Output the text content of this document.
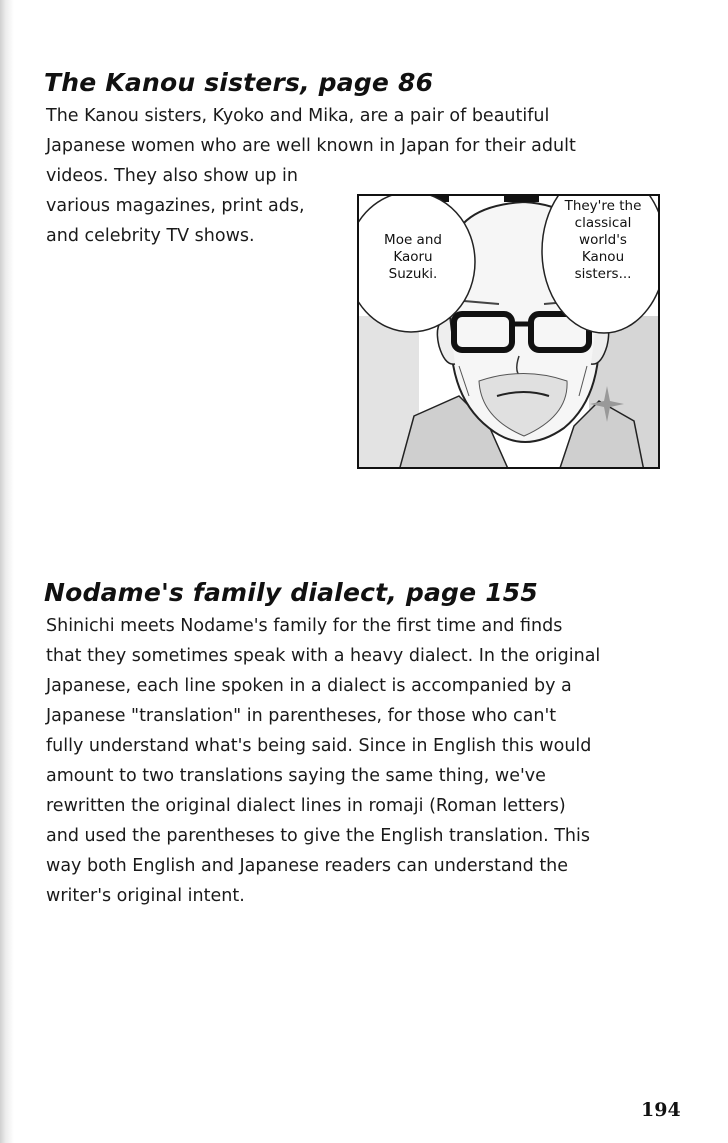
The Kanou sisters, page 86
The Kanou sisters, Kyoko and Mika, are a pair of beautiful
Japanese women who are well known in Japan for their adult
videos. They also show up in
various magazines, print ads,
and celebrity TV shows.	Moe and
Kaoru
Suzuki.
They're the
classical
world's
Kanou
sisters...
Nodame's family dialect, page 155
Shinichi meets Nodame's family for the first time and finds
that they sometimes speak with a heavy dialect. In the original
Japanese, each line spoken in a dialect is accompanied by a
Japanese "translation" in parentheses, for those who can't
fully understand what's being said. Since in English this would
amount to two translations saying the same thing, we've
rewritten the original dialect lines in romaji (Roman letters)
and used the parentheses to give the English translation. This
way both English and Japanese readers can understand the
writer's original intent.
194
